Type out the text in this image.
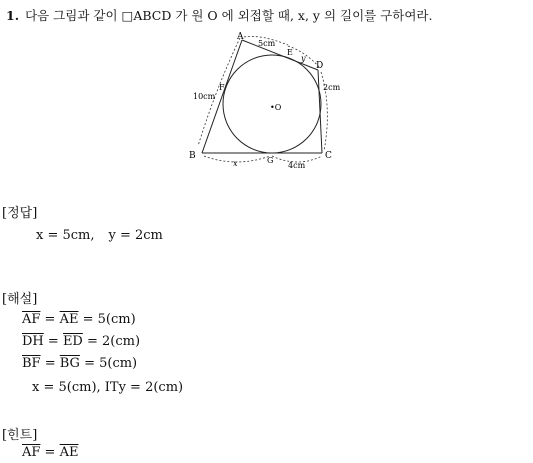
1. 다음 그림과 같이 □ABCD 가 원 O 에 외접할 때, x, y 의 길이를 구하여라.
A
B	C
D
E
F
G
•O
5cm
y
2cm
10cm
x	4cm
[정답]
x = 5cm, y = 2cm
[해설]
$\overline{AF} = \overline{AE} = 5(cm)$
$\overline{DH} = \overline{ED} = 2(cm)$
$\overline{BF} = \overline{BG} = 5(cm)$
x = 5(cm), ITy = 2(cm)
[힌트]
$\overline{AF} = \overline{AE}$
